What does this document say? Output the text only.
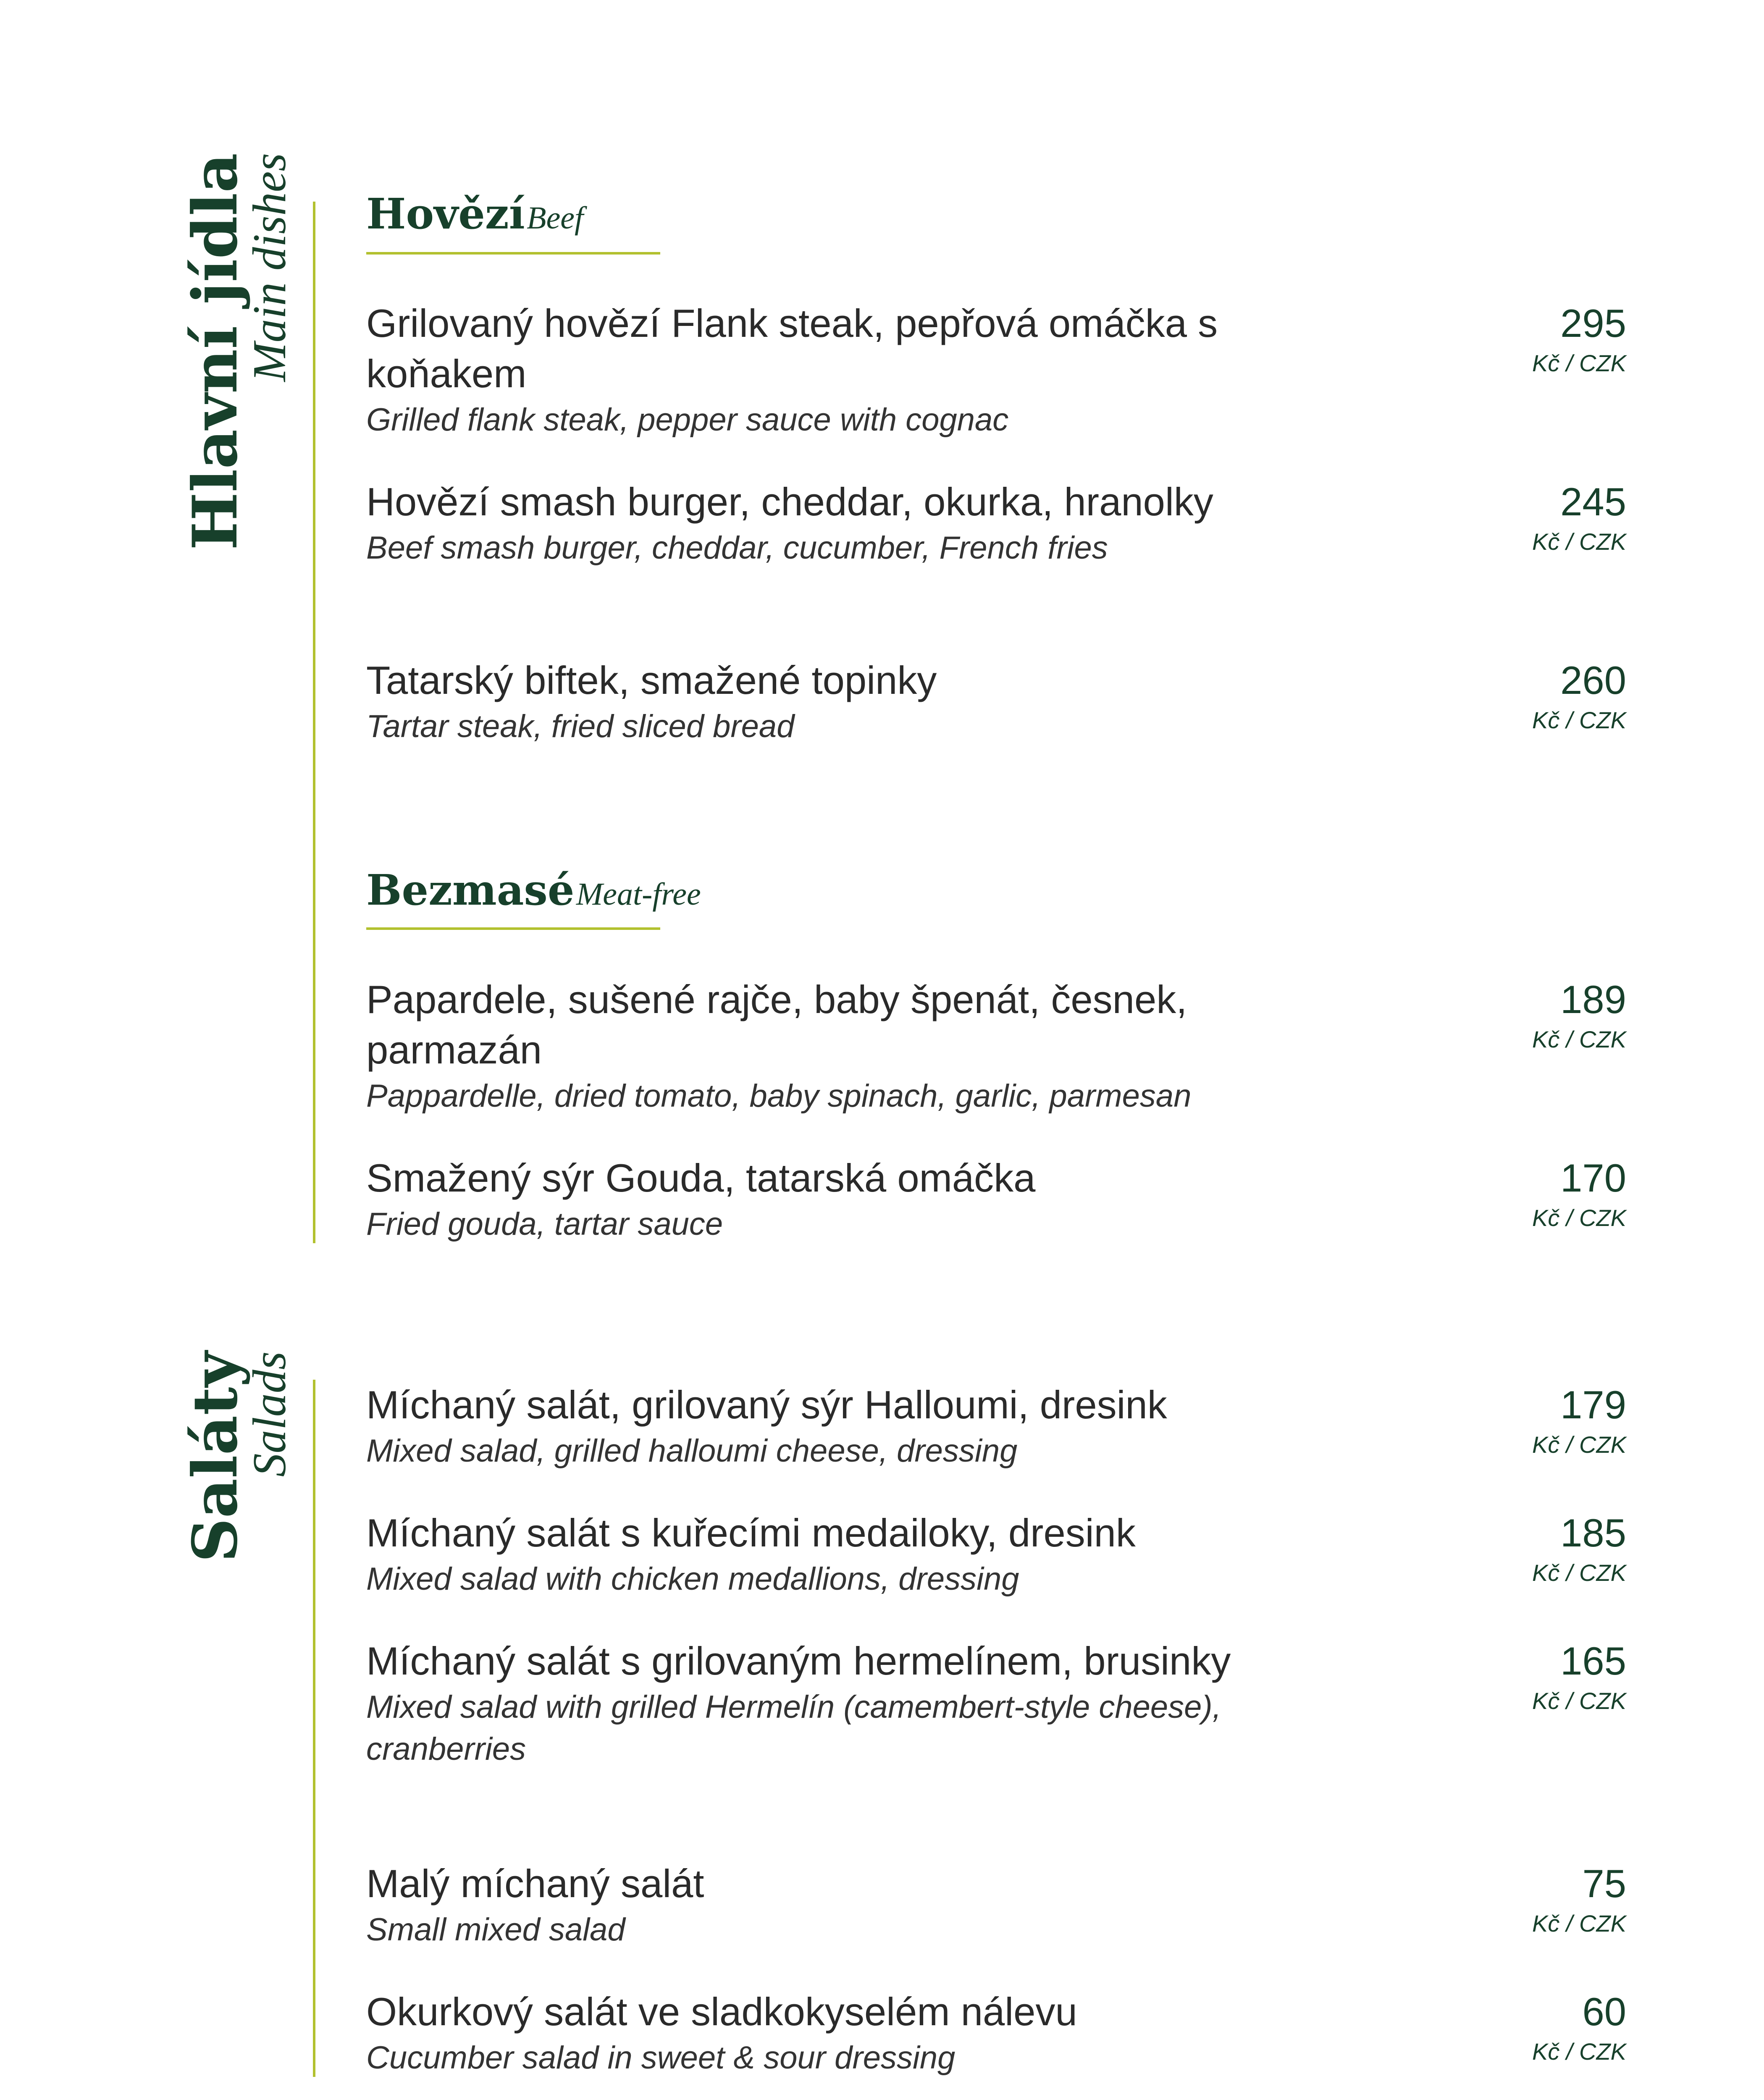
Hlavní jídla
Main dishes Hovězí Beef
Grilovaný hovězí Flank steak, pepřová omáčka s koňakem
Grilled flank steak, pepper sauce with cognac
295
Kč / CZK
Hovězí smash burger, cheddar, okurka, hranolky
Beef smash burger, cheddar, cucumber, French fries
245
Kč / CZK
Tatarský biftek, smažené topinky
Tartar steak, fried sliced bread
260
Kč / CZK
Bezmasé Meat-free
Papardele, sušené rajče, baby špenát, česnek, parmazán
Pappardelle, dried tomato, baby spinach, garlic, parmesan
189
Kč / CZK
Smažený sýr Gouda, tatarská omáčka
Fried gouda, tartar sauce
170
Kč / CZK
Saláty
Salads Míchaný salát, grilovaný sýr Halloumi, dresink
Mixed salad, grilled halloumi cheese, dressing
179
Kč / CZK
Míchaný salát s kuřecími medailoky, dresink
Mixed salad with chicken medallions, dressing
185
Kč / CZK
Míchaný salát s grilovaným hermelínem, brusinky
Mixed salad with grilled Hermelín (camembert-style cheese), cranberries
165
Kč / CZK
Malý míchaný salát
Small mixed salad
75
Kč / CZK
Okurkový salát ve sladkokyselém nálevu
Cucumber salad in sweet & sour dressing
60
Kč / CZK
